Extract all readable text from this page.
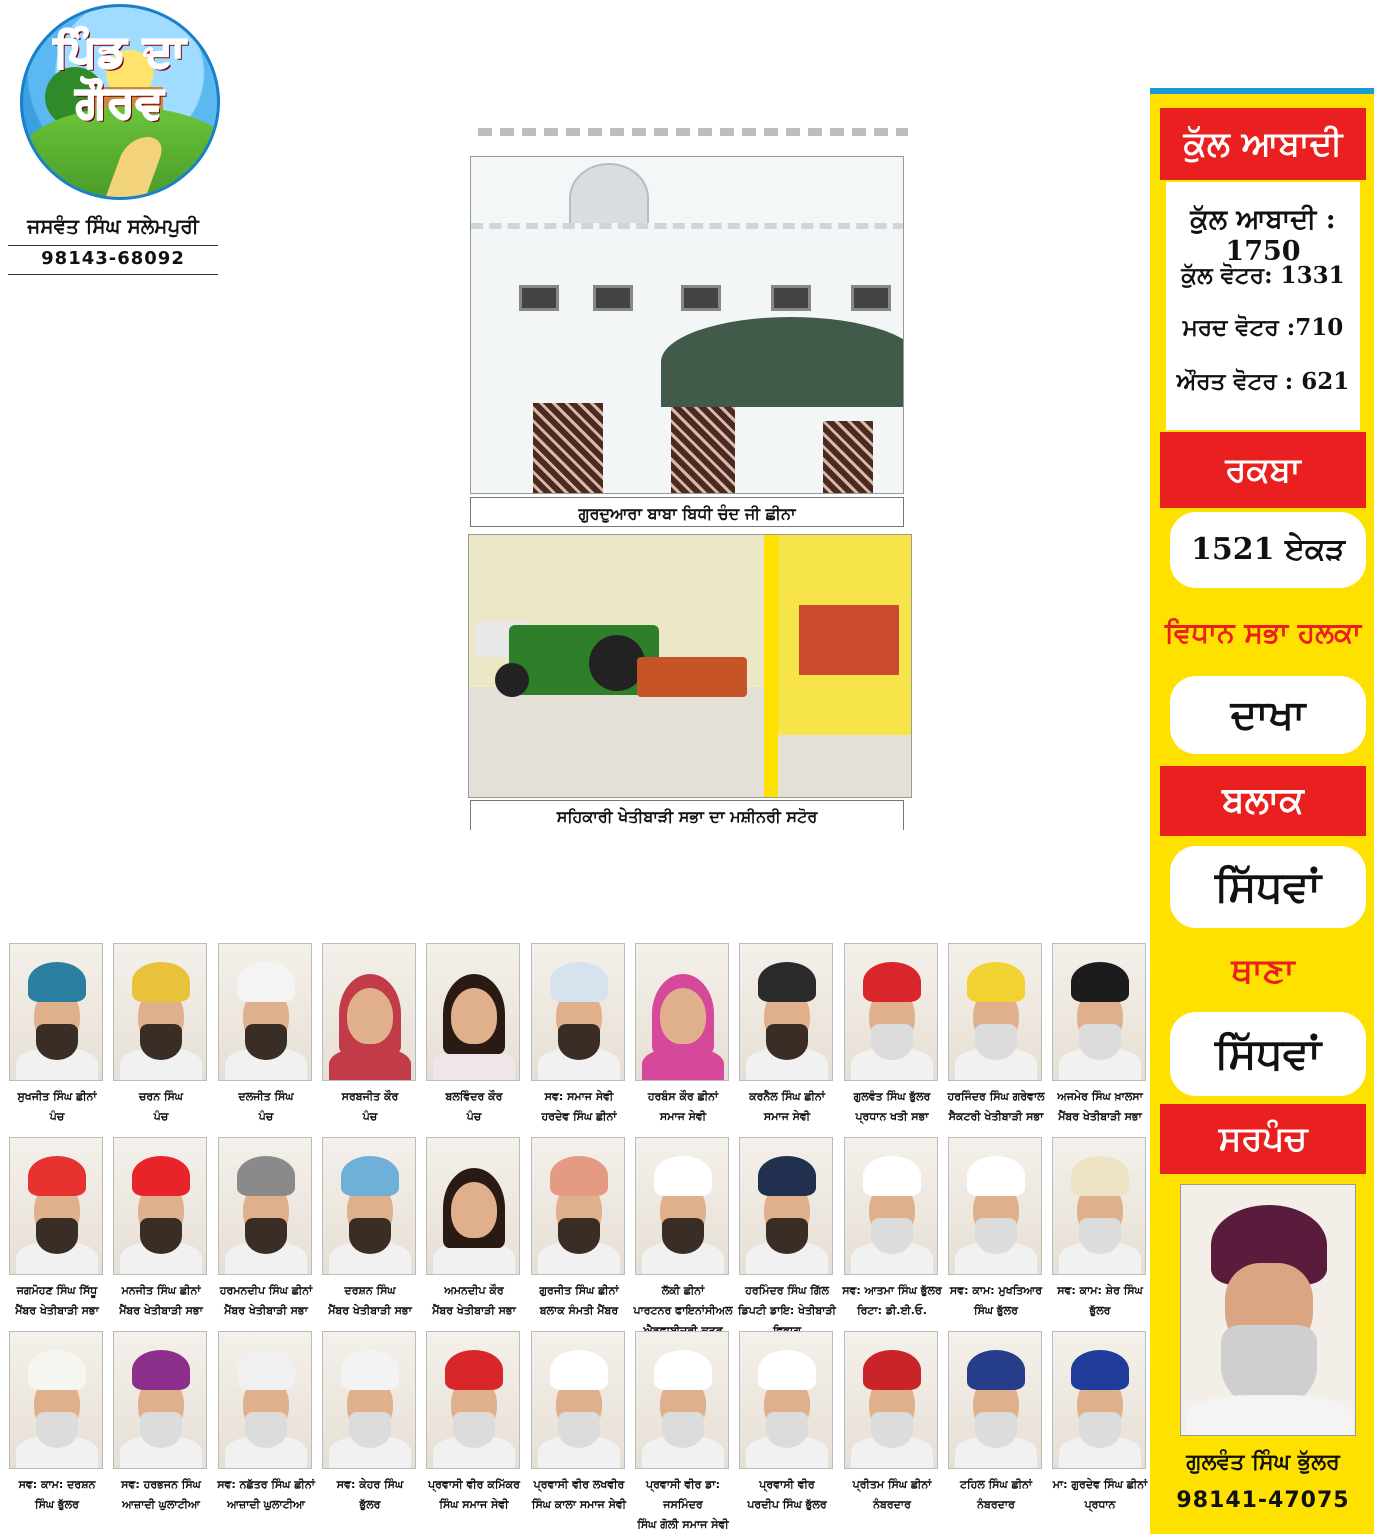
ਪਿੰਡ ਦਾ ਗੌਰਵ
ਜਸਵੰਤ ਸਿੰਘ ਸਲੇਮਪੁਰੀ
98143-68092
ਗੁਰਦੁਆਰਾ ਬਾਬਾ ਬਿਧੀ ਚੰਦ ਜੀ ਛੀਨਾ
ਸਹਿਕਾਰੀ ਖੇਤੀਬਾੜੀ ਸਭਾ ਦਾ ਮਸ਼ੀਨਰੀ ਸਟੋਰ
ਕੁੱਲ ਆਬਾਦੀ
ਕੁੱਲ ਆਬਾਦੀ : 1750
ਕੁੱਲ ਵੋਟਰ: 1331
ਮਰਦ ਵੋਟਰ :710
ਔਰਤ ਵੋਟਰ : 621
ਰਕਬਾ
1521 ਏਕੜ
ਵਿਧਾਨ ਸਭਾ ਹਲਕਾ
ਦਾਖਾ
ਬਲਾਕ
ਸਿੱਧਵਾਂ
ਥਾਣਾ
ਸਿੱਧਵਾਂ
ਸਰਪੰਚ
ਗੁਲਵੰਤ ਸਿੰਘ ਭੁੱਲਰ
98141-47075
ਸੁਖਜੀਤ ਸਿੰਘ ਛੀਨਾਂ
ਪੰਚ
ਚਰਨ ਸਿੰਘ
ਪੰਚ
ਦਲਜੀਤ ਸਿੰਘ
ਪੰਚ
ਸਰਬਜੀਤ ਕੌਰ
ਪੰਚ
ਬਲਵਿੰਦਰ ਕੌਰ
ਪੰਚ
ਸਵ: ਸਮਾਜ ਸੇਵੀ
ਹਰਦੇਵ ਸਿੰਘ ਛੀਨਾਂ
ਹਰਬੰਸ ਕੌਰ ਛੀਨਾਂ
ਸਮਾਜ ਸੇਵੀ
ਕਰਨੈਲ ਸਿੰਘ ਛੀਨਾਂ
ਸਮਾਜ ਸੇਵੀ
ਗੁਲਵੰਤ ਸਿੰਘ ਭੁੱਲਰ
ਪ੍ਰਧਾਨ ਖਤੀ ਸਭਾ
ਹਰਜਿੰਦਰ ਸਿੰਘ ਗਰੇਵਾਲ
ਸੈਕਟਰੀ ਖੇਤੀਬਾੜੀ ਸਭਾ
ਅਜਮੇਰ ਸਿੰਘ ਖ਼ਾਲਸਾ
ਮੈਂਬਰ ਖੇਤੀਬਾੜੀ ਸਭਾ
ਜਗਮੋਹਣ ਸਿੰਘ ਸਿੱਧੂ
ਮੈਂਬਰ ਖੇਤੀਬਾੜੀ ਸਭਾ
ਮਨਜੀਤ ਸਿੰਘ ਛੀਨਾਂ
ਮੈਂਬਰ ਖੇਤੀਬਾੜੀ ਸਭਾ
ਹਰਮਨਦੀਪ ਸਿੰਘ ਛੀਨਾਂ
ਮੈਂਬਰ ਖੇਤੀਬਾੜੀ ਸਭਾ
ਦਰਸ਼ਨ ਸਿੰਘ
ਮੈਂਬਰ ਖੇਤੀਬਾੜੀ ਸਭਾ
ਅਮਨਦੀਪ ਕੌਰ
ਮੈਂਬਰ ਖੇਤੀਬਾੜੀ ਸਭਾ
ਗੁਰਜੀਤ ਸਿੰਘ ਛੀਨਾਂ
ਬਲਾਕ ਸੰਮਤੀ ਮੈਂਬਰ
ਲੱਕੀ ਛੀਨਾਂ
ਪਾਰਟਨਰ ਫਾਇਨਾਂਸੀਅਲ
ਹਰਮਿੰਦਰ ਸਿੰਘ ਗਿੱਲ
ਡਿਪਟੀ ਡਾਇ: ਖੇਤੀਬਾੜੀ
ਸਵ: ਆਤਮਾ ਸਿੰਘ ਭੁੱਲਰ
ਰਿਟਾ: ਡੀ.ਈ.ਓ.
ਸਵ: ਕਾਮ: ਮੁਖਤਿਆਰ
ਸਿੰਘ ਭੁੱਲਰ
ਸਵ: ਕਾਮ: ਸ਼ੇਰ ਸਿੰਘ
ਭੁੱਲਰ
ਸਵ: ਕਾਮ: ਦਰਸ਼ਨ
ਸਿੰਘ ਭੁੱਲਰ
ਸਵ: ਹਰਭਜਨ ਸਿੰਘ
ਆਜ਼ਾਦੀ ਘੁਲਾਟੀਆ
ਸਵ: ਨਛੱਤਰ ਸਿੰਘ ਛੀਨਾਂ
ਆਜ਼ਾਦੀ ਘੁਲਾਟੀਆ
ਸਵ: ਕੇਹਰ ਸਿੰਘ
ਭੁੱਲਰ
ਪ੍ਰਵਾਸੀ ਵੀਰ ਕਮਿੱਕਰ
ਸਿੰਘ ਸਮਾਜ ਸੇਵੀ
ਪ੍ਰਵਾਸੀ ਵੀਰ ਲਖਵੀਰ
ਸਿੰਘ ਕਾਲਾ ਸਮਾਜ ਸੇਵੀ
ਪ੍ਰਵਾਸੀ ਵੀਰ ਡਾ: ਜਸਮਿੰਦਰ
ਸਿੰਘ ਗੋਲੀ ਸਮਾਜ ਸੇਵੀ
ਪ੍ਰਵਾਸੀ ਵੀਰ
ਪਰਦੀਪ ਸਿੰਘ ਭੁੱਲਰ
ਪ੍ਰੀਤਮ ਸਿੰਘ ਛੀਨਾਂ
ਨੰਬਰਦਾਰ
ਟਹਿਲ ਸਿੰਘ ਛੀਨਾਂ
ਨੰਬਰਦਾਰ
ਮਾ: ਗੁਰਦੇਵ ਸਿੰਘ ਛੀਨਾਂ
ਪ੍ਰਧਾਨ
